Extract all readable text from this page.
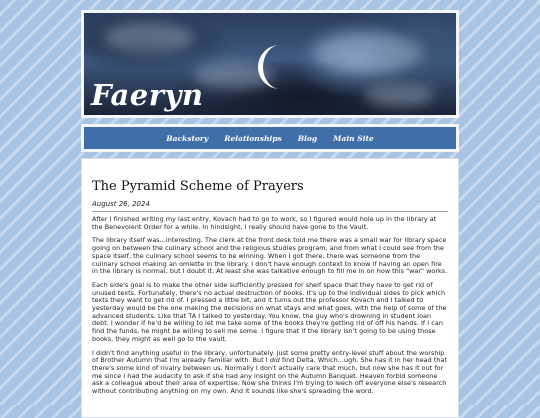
Faeryn
Backstory Relationships Blog Main Site
The Pyramid Scheme of Prayers
August 26, 2024

After I finished writing my last entry, Kovach had to go to work, so I figured would hole up in the library at the Benevolent Order for a while. In hindsight, I really should have gone to the Vault.

The library itself was...interesting. The clerk at the front desk told me there was a small war for library space going on between the culinary school and the religious studies program, and from what I could see from the space itself, the culinary school seems to be winning. When I got there, there was someone from the culinary school making an omlette in the library. I don't have enough context to know if having an open fire in the library is normal, but I doubt it. At least she was talkative enough to fill me in on how this "war" works.

Each side's goal is to make the other side sufficiently pressed for shelf space that they have to get rid of unused texts. Fortunately, there's no actual destruction of books. It's up to the individual sides to pick which texts they want to get rid of. I pressed a little bit, and it turns out the professor Kovach and I talked to yesterday would be the one making the decisions on what stays and what goes, with the help of some of the advanced students. Like that TA I talked to yesterday. You know, the guy who's drowning in student loan debt. I wonder if he'd be willing to let me take some of the books they're getting rid of off his hands. If I can find the funds, he might be willing to sell me some. I figure that if the library isn't going to be using those books, they might as well go to the vault.

I didn't find anything useful in the library, unfortunately. Just some pretty entry-level stuff about the worship of Brother Autumn that I'm already familiar with. But I did find Delta. Which...ugh. She has it in her head that there's some kind of rivalry between us. Normally I don't actually care that much, but now she has it out for me since I had the audacity to ask if she had any insight on the Autumn Banquet. Heaven forbid someone ask a colleague about their area of expertise. Now she thinks I'm trying to leech off everyone else's research without contributing anything on my own. And it sounds like she's spreading the word.
